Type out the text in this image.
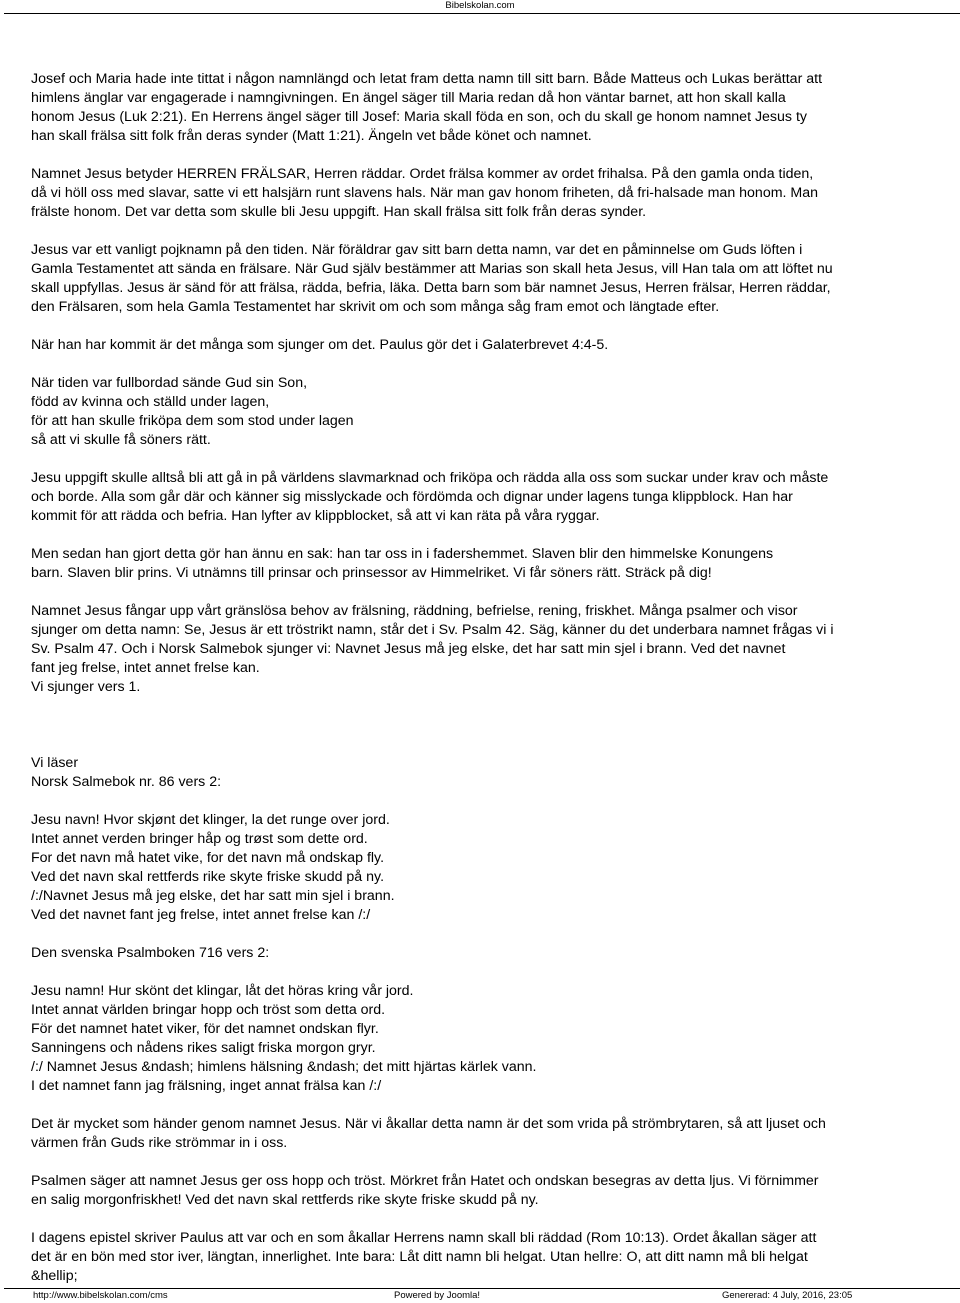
Bibelskolan.com

Josef och Maria hade inte tittat i någon namnlängd och letat fram detta namn till sitt barn. Både Matteus och Lukas berättar att

himlens änglar var engagerade i namngivningen. En ängel säger till Maria redan då hon väntar barnet, att hon skall kalla

honom Jesus (Luk 2:21). En Herrens ängel säger till Josef: Maria skall föda en son, och du skall ge honom namnet Jesus ty

han skall frälsa sitt folk från deras synder (Matt 1:21). Ängeln vet både könet och namnet.

Namnet Jesus betyder HERREN FRÄLSAR, Herren räddar. Ordet frälsa kommer av ordet frihalsa. På den gamla onda tiden,

då vi höll oss med slavar, satte vi ett halsjärn runt slavens hals. När man gav honom friheten, då fri-halsade man honom. Man

frälste honom. Det var detta som skulle bli Jesu uppgift. Han skall frälsa sitt folk från deras synder.

Jesus var ett vanligt pojknamn på den tiden. När föräldrar gav sitt barn detta namn, var det en påminnelse om Guds löften i

Gamla Testamentet att sända en frälsare. När Gud själv bestämmer att Marias son skall heta Jesus, vill Han tala om att löftet nu

skall uppfyllas. Jesus är sänd för att frälsa, rädda, befria, läka. Detta barn som bär namnet Jesus, Herren frälsar, Herren räddar,

den Frälsaren, som hela Gamla Testamentet har skrivit om och som många såg fram emot och längtade efter.

När han har kommit är det många som sjunger om det. Paulus gör det i Galaterbrevet 4:4-5.

När tiden var fullbordad sände Gud sin Son,

född av kvinna och ställd under lagen,

för att han skulle friköpa dem som stod under lagen

så att vi skulle få söners rätt.

Jesu uppgift skulle alltså bli att gå in på världens slavmarknad och friköpa och rädda alla oss som suckar under krav och måste

och borde. Alla som går där och känner sig misslyckade och fördömda och dignar under lagens tunga klippblock. Han har

kommit för att rädda och befria. Han lyfter av klippblocket, så att vi kan räta på våra ryggar.

Men sedan han gjort detta gör han ännu en sak: han tar oss in i fadershemmet. Slaven blir den himmelske Konungens

barn. Slaven blir prins. Vi utnämns till prinsar och prinsessor av Himmelriket. Vi får söners rätt. Sträck på dig!

Namnet Jesus fångar upp vårt gränslösa behov av frälsning, räddning, befrielse, rening, friskhet. Många psalmer och visor

sjunger om detta namn: Se, Jesus är ett tröstrikt namn, står det i Sv. Psalm 42. Säg, känner du det underbara namnet frågas vi i

Sv. Psalm 47. Och i Norsk Salmebok sjunger vi: Navnet Jesus må jeg elske, det har satt min sjel i brann. Ved det navnet

fant jeg frelse, intet annet frelse kan.

Vi sjunger vers 1.

Vi läser

Norsk Salmebok nr. 86 vers 2:

Jesu navn! Hvor skjønt det klinger, la det runge over jord.

Intet annet verden bringer håp og trøst som dette ord.

For det navn må hatet vike, for det navn må ondskap fly.

Ved det navn skal rettferds rike skyte friske skudd på ny.

/:/Navnet Jesus må jeg elske, det har satt min sjel i brann.

Ved det navnet fant jeg frelse, intet annet frelse kan /:/

Den svenska Psalmboken 716 vers 2:

Jesu namn! Hur skönt det klingar, låt det höras kring vår jord.

Intet annat världen bringar hopp och tröst som detta ord.

För det namnet hatet viker, för det namnet ondskan flyr.

Sanningens och nådens rikes saligt friska morgon gryr.

/:/ Namnet Jesus &ndash; himlens hälsning &ndash; det mitt hjärtas kärlek vann.

I det namnet fann jag frälsning, inget annat frälsa kan /:/

Det är mycket som händer genom namnet Jesus. När vi åkallar detta namn är det som vrida på strömbrytaren, så att ljuset och

värmen från Guds rike strömmar in i oss.

Psalmen säger att namnet Jesus ger oss hopp och tröst. Mörkret från Hatet och ondskan besegras av detta ljus. Vi förnimmer

en salig morgonfriskhet! Ved det navn skal rettferds rike skyte friske skudd på ny.

I dagens epistel skriver Paulus att var och en som åkallar Herrens namn skall bli räddad (Rom 10:13). Ordet åkallan säger att

det är en bön med stor iver, längtan, innerlighet. Inte bara: Låt ditt namn bli helgat. Utan hellre: O, att ditt namn må bli helgat

&hellip;

http://www.bibelskolan.com/cms	Powered by Joomla!	Genererad: 4 July, 2016, 23:05
